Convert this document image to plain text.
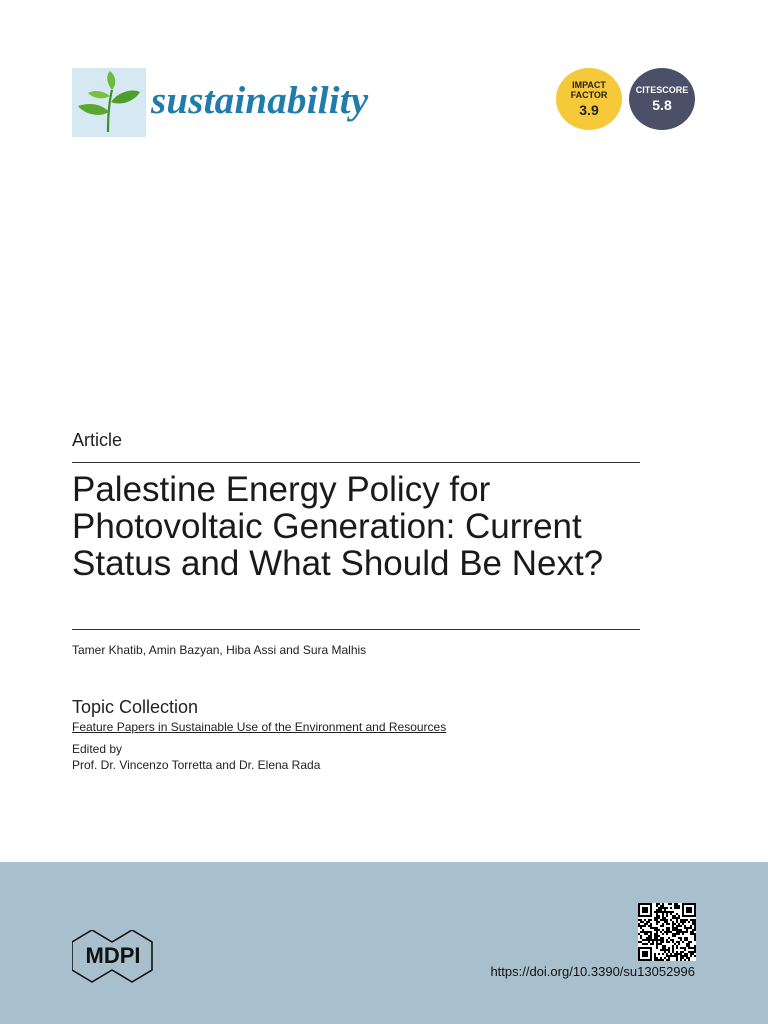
sustainability	IMPACT
FACTOR
3.9
CITESCORE
5.8
Article
Palestine Energy Policy for Photovoltaic Generation: Current Status and What Should Be Next?
Tamer Khatib, Amin Bazyan, Hiba Assi and Sura Malhis
Topic Collection
Feature Papers in Sustainable Use of the Environment and Resources
Edited by
Prof. Dr. Vincenzo Torretta and Dr. Elena Rada
MDPI
https://doi.org/10.3390/su13052996
